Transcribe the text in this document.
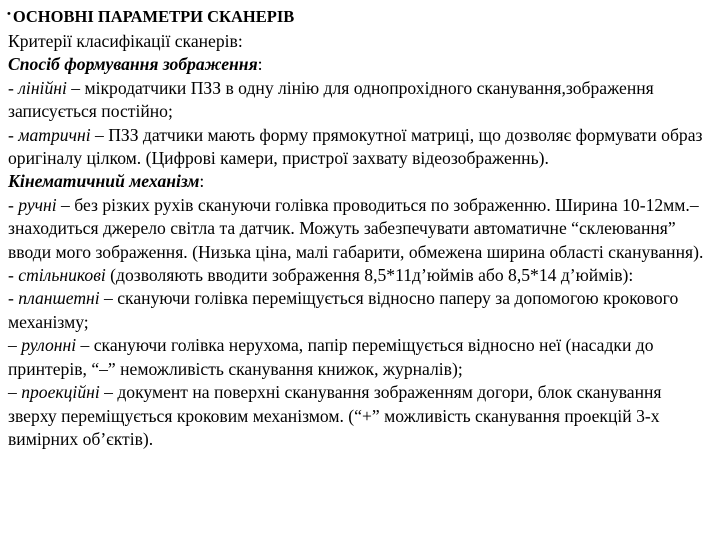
• ОСНОВНІ ПАРАМЕТРИ СКАНЕРІВ

Критерії класифікації сканерів:

Спосіб формування зображення:

- лінійні – мікродатчики ПЗЗ в одну лінію для однопрохідного сканування,зображення записується постійно;

- матричні – ПЗЗ датчики мають форму прямокутної матриці, що дозволяє формувати образ оригіналу цілком. (Цифрові камери, пристрої захвату відеозображеннь).

Кінематичний механізм:

- ручні – без різких рухів скануючи голівка проводиться по зображенню. Ширина 10-12мм.– знаходиться джерело світла та датчик. Можуть забезпечувати автоматичне “склеювання” вводи мого зображення. (Низька ціна, малі габарити, обмежена ширина області сканування).

- стільникові (дозволяють вводити зображення 8,5*11д’юймів або 8,5*14 д’юймів):

- планшетні – скануючи голівка переміщується відносно паперу за допомогою крокового механізму;

– рулонні – скануючи голівка нерухома, папір переміщується відносно неї (насадки до принтерів, “–” неможливість сканування книжок, журналів);

– проекційні – документ на поверхні сканування зображенням догори, блок сканування зверху переміщується кроковим механізмом. (“+” можливість сканування проекцій 3-х вимірних об’єктів).
